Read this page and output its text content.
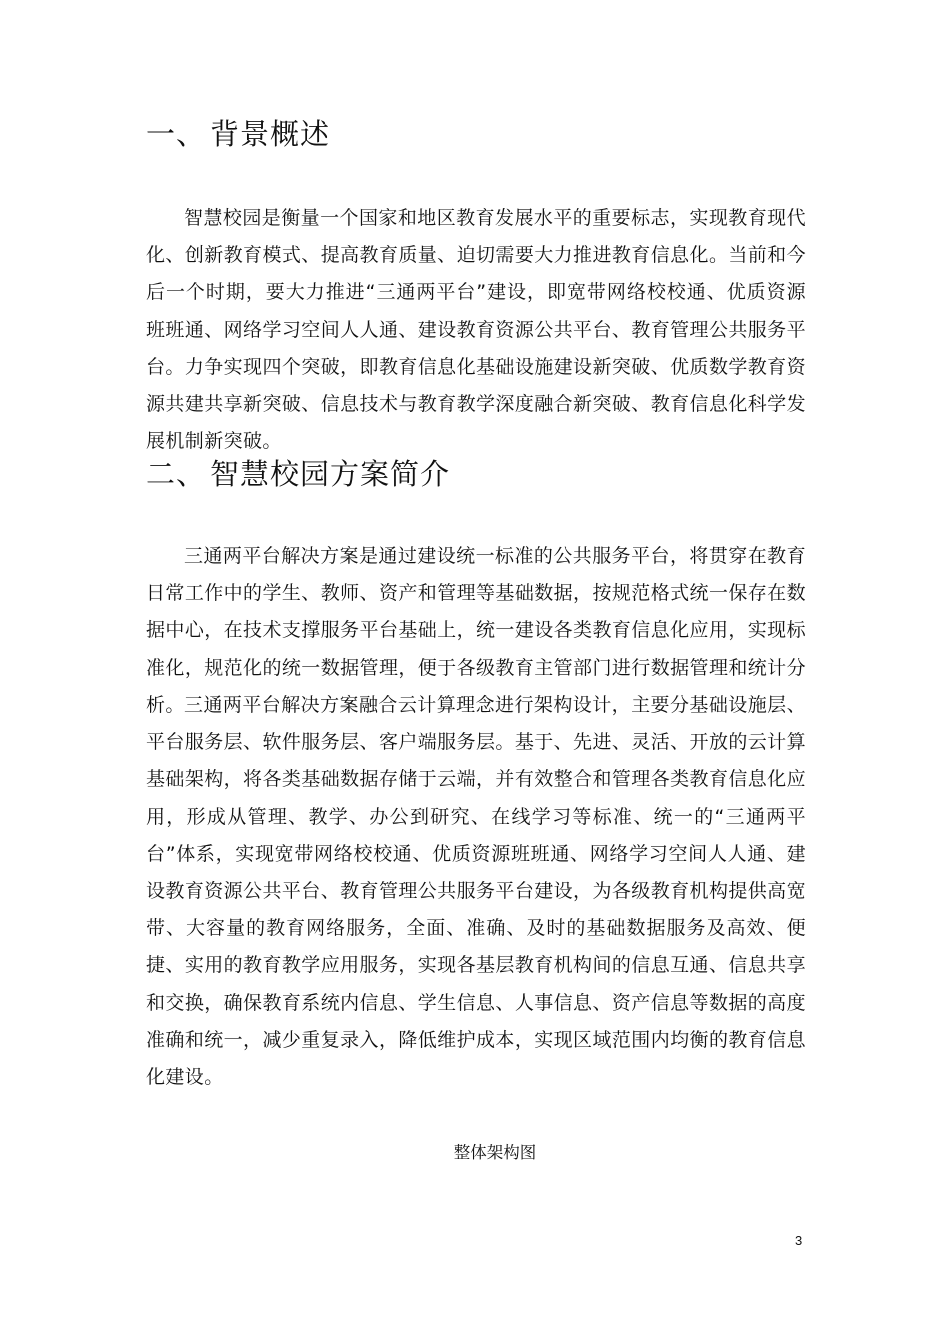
一、 背景概述

智慧校园是衡量一个国家和地区教育发展水平的重要标志，实现教育现代化、创新教育模式、提高教育质量、迫切需要大力推进教育信息化。当前和今后一个时期，要大力推进“三通两平台”建设，即宽带网络校校通、优质资源班班通、网络学习空间人人通、建设教育资源公共平台、教育管理公共服务平台。力争实现四个突破，即教育信息化基础设施建设新突破、优质数学教育资源共建共享新突破、信息技术与教育教学深度融合新突破、教育信息化科学发展机制新突破。

二、 智慧校园方案简介

三通两平台解决方案是通过建设统一标准的公共服务平台，将贯穿在教育日常工作中的学生、教师、资产和管理等基础数据，按规范格式统一保存在数据中心，在技术支撑服务平台基础上，统一建设各类教育信息化应用，实现标准化，规范化的统一数据管理，便于各级教育主管部门进行数据管理和统计分析。 三通两平台解决方案融合云计算理念进行架构设计，主要分基础设施层、平台服务层、软件服务层、客户端服务层。基于、先进、灵活、开放的云计算基础架构，将各类基础数据存储于云端，并有效整合和管理各类教育信息化应用，形成从管理、教学、办公到研究、在线学习等标准、统一的“三通两平台”体系，实现宽带网络校校通、优质资源班班通、网络学习空间人人通、建设教育资源公共平台、教育管理公共服务平台建设，为各级教育机构提供高宽带、大容量的教育网络服务，全面、准确、及时的基础数据服务及高效、便捷、实用的教育教学应用服务，实现各基层教育机构间的信息互通、信息共享和交换，确保教育系统内信息、学生信息、人事信息、资产信息等数据的高度准确和统一，减少重复录入，降低维护成本，实现区域范围内均衡的教育信息化建设。

整体架构图
3
